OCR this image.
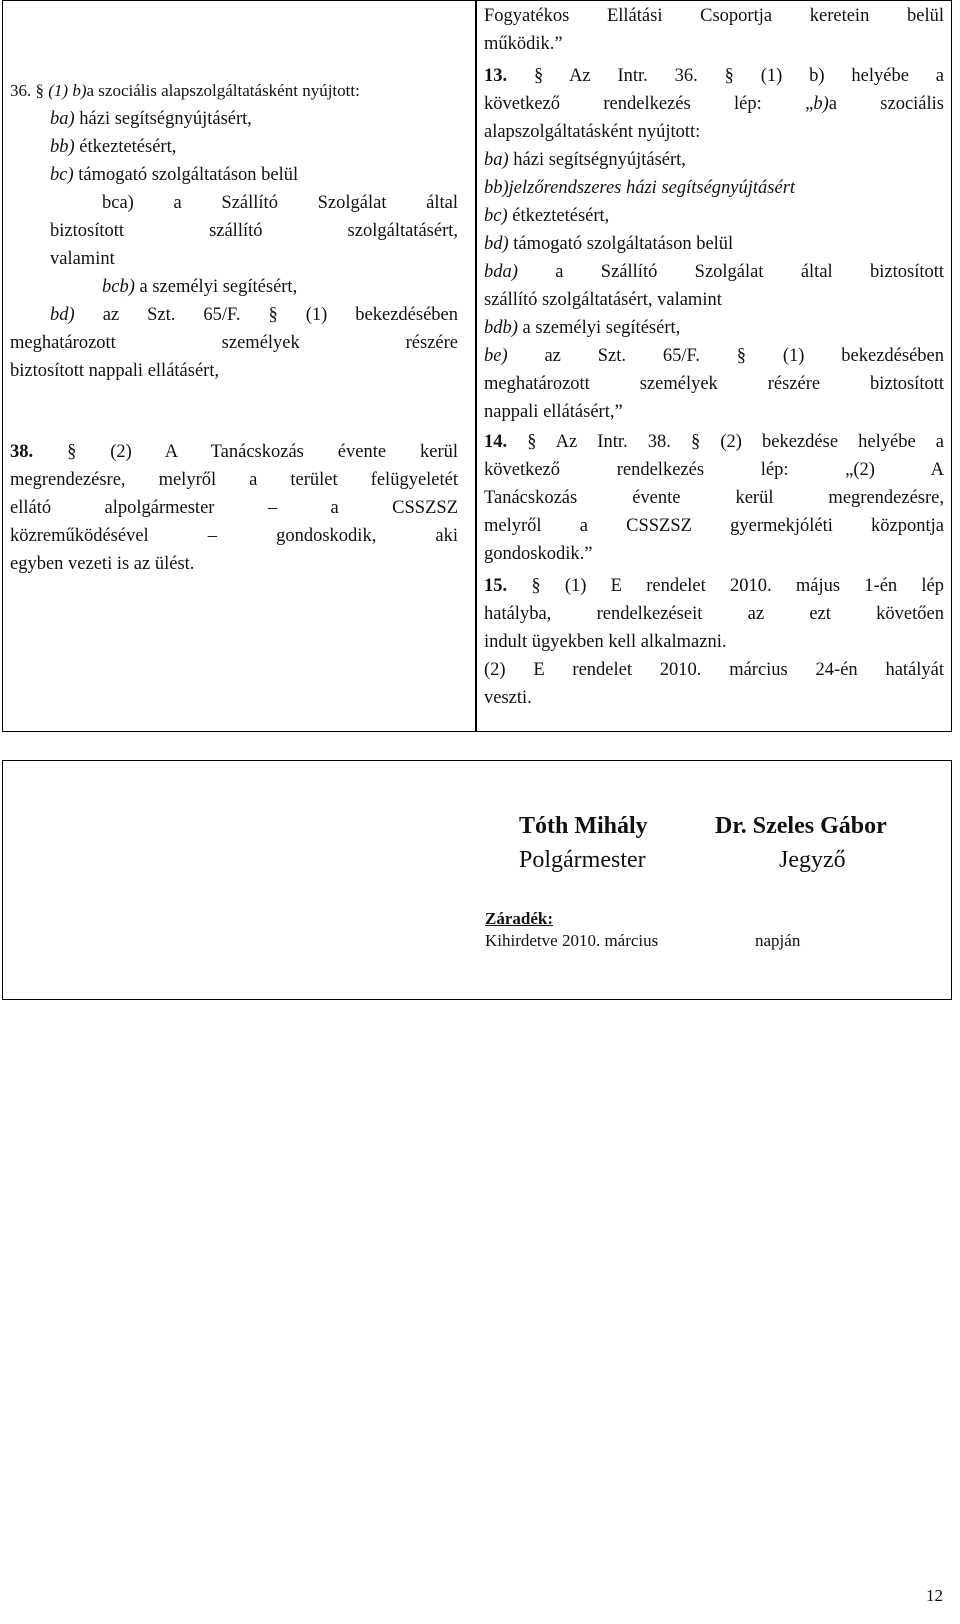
36. § (1) b)a szociális alapszolgáltatásként nyújtott:
ba) házi segítségnyújtásért,
bb) étkeztetésért,
bc) támogató szolgáltatáson belül
bca) a Szállító Szolgálat által
biztosított szállító szolgáltatásért,
valamint
bcb) a személyi segítésért,
bd) az Szt. 65/F. § (1) bekezdésében
meghatározott személyek részére
biztosított nappali ellátásért,
38. § (2) A Tanácskozás évente kerül
megrendezésre, melyről a terület felügyeletét
ellátó alpolgármester – a CSSZSZ
közreműködésével – gondoskodik, aki
egyben vezeti is az ülést.
Fogyatékos Ellátási Csoportja keretein belül
működik.”
13. § Az Intr. 36. § (1) b) helyébe a
következő rendelkezés lép: „b)a szociális
alapszolgáltatásként nyújtott:
ba) házi segítségnyújtásért,
bb)jelzőrendszeres házi segítségnyújtásért
bc) étkeztetésért,
bd) támogató szolgáltatáson belül
bda) a Szállító Szolgálat által biztosított
szállító szolgáltatásért, valamint
bdb) a személyi segítésért,
be) az Szt. 65/F. § (1) bekezdésében
meghatározott személyek részére biztosított
nappali ellátásért,”
14. § Az Intr. 38. § (2) bekezdése helyébe a
következő rendelkezés lép: „(2) A
Tanácskozás évente kerül megrendezésre,
melyről a CSSZSZ gyermekjóléti központja
gondoskodik.”
15. § (1) E rendelet 2010. május 1-én lép
hatályba, rendelkezéseit az ezt követően
indult ügyekben kell alkalmazni.
(2) E rendelet 2010. március 24-én hatályát
veszti.
Tóth Mihály
Polgármester
Dr. Szeles Gábor
Jegyző
Záradék:
Kihirdetve 2010. március	napján
12
